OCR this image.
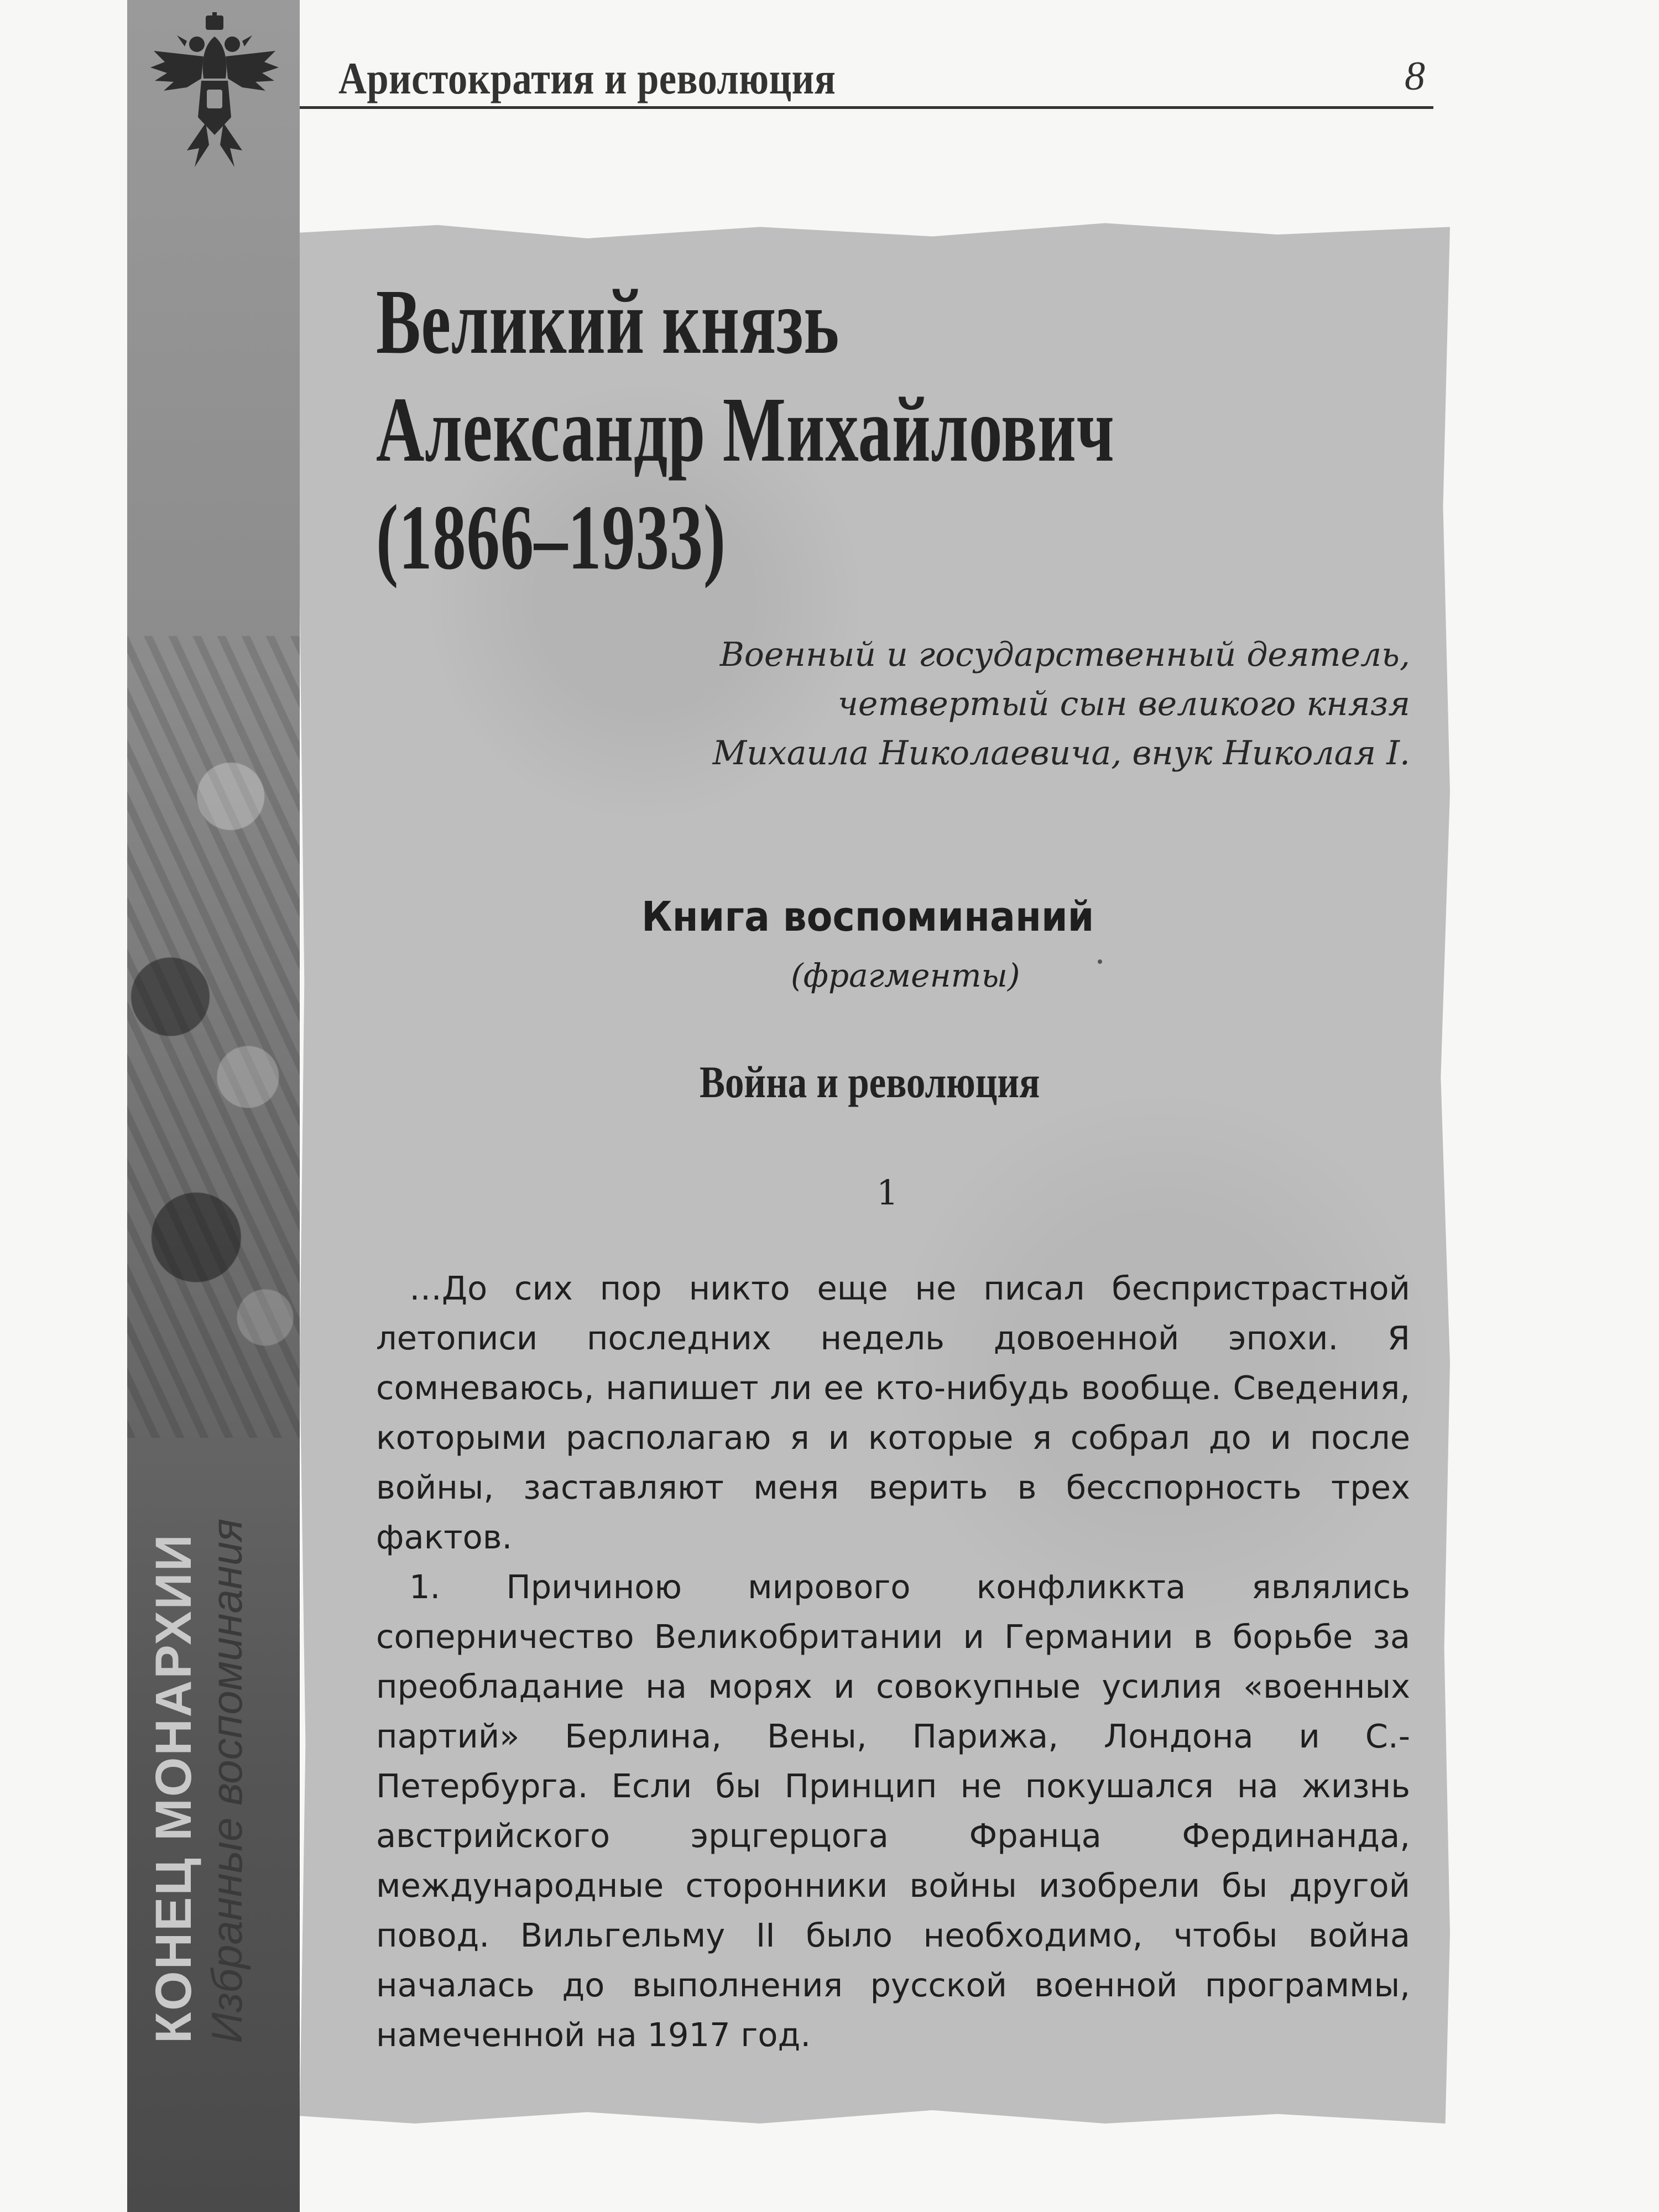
КОНЕЦ МОНАРХИИ Избранные воспоминания
Аристократия и революция	8
Великий князь
Александр Михайлович
(1866–1933)

Военный и государственный деятель, четвертый сын великого князя Михаила Николаевича, внук Николая I.

Книга воспоминаний
(фрагменты)
Война и революция
1

…До сих пор никто еще не писал беспристрастной летописи последних недель довоенной эпохи. Я сомневаюсь, напишет ли ее кто-нибудь вообще. Сведения, которыми располагаю я и которые я собрал до и после войны, заставляют меня верить в бесспорность трех фактов.

1. Причиною мирового конфликкта являлись соперничество Великобритании и Германии в борьбе за преобладание на морях и совокупные усилия «военных партий» Берлина, Вены, Парижа, Лондона и С.-Петербурга. Если бы Принцип не покушался на жизнь австрийского эрцгерцога Франца Фердинанда, международные сторонники войны изобрели бы другой повод. Вильгельму II было необходимо, чтобы война началась до выполнения русской военной программы, намеченной на 1917 год.
